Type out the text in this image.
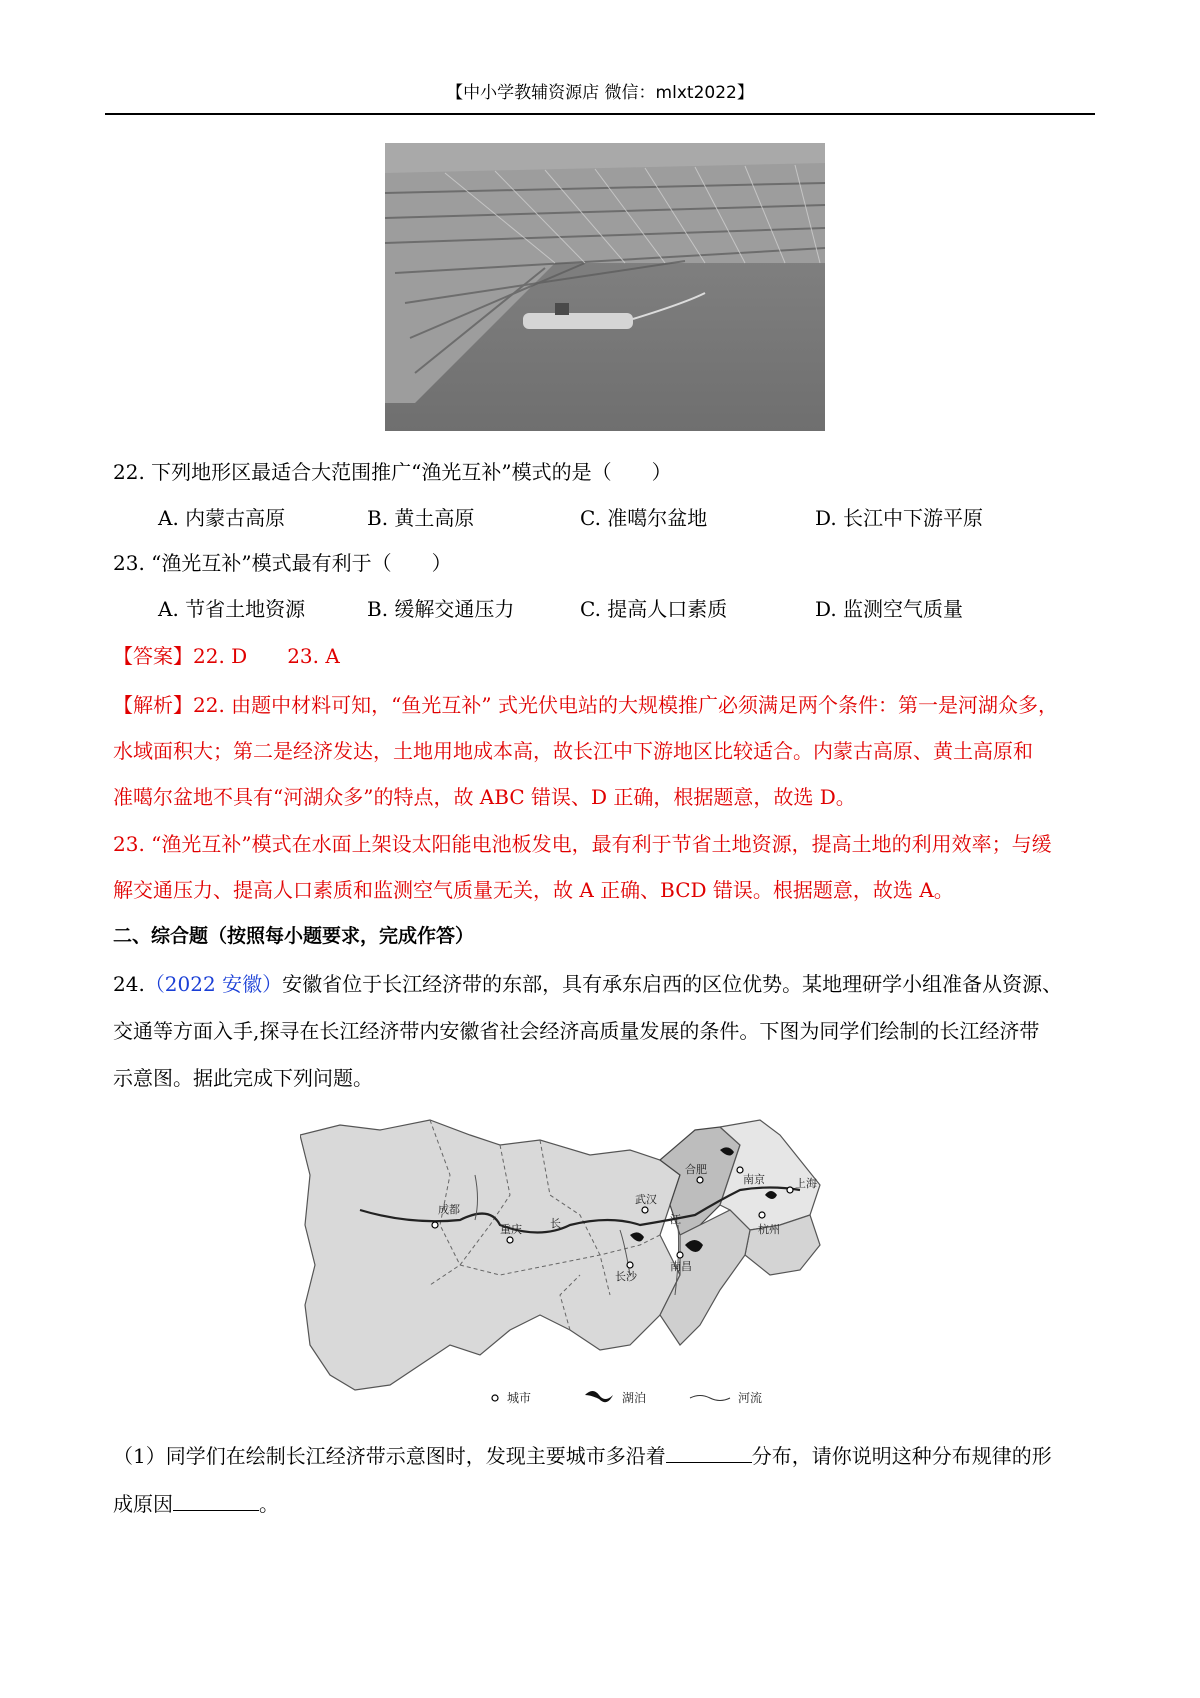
【中小学教辅资源店 微信：mlxt2022】
22. 下列地形区最适合大范围推广“渔光互补”模式的是（　　）
A. 内蒙古高原	B. 黄土高原	C. 准噶尔盆地	D. 长江中下游平原
23. “渔光互补”模式最有利于（　　）
A. 节省土地资源	B. 缓解交通压力	C. 提高人口素质	D. 监测空气质量
【答案】22. D 23. A
【解析】22. 由题中材料可知，“鱼光互补” 式光伏电站的大规模推广必须满足两个条件：第一是河湖众多，
水域面积大；第二是经济发达，土地用地成本高，故长江中下游地区比较适合。内蒙古高原、黄土高原和
准噶尔盆地不具有“河湖众多”的特点，故 ABC 错误、D 正确，根据题意，故选 D。
23. “渔光互补”模式在水面上架设太阳能电池板发电，最有利于节省土地资源，提高土地的利用效率；与缓
解交通压力、提高人口素质和监测空气质量无关，故 A 正确、BCD 错误。根据题意，故选 A。
二、综合题（按照每小题要求，完成作答）
24.（2022 安徽）安徽省位于长江经济带的东部，具有承东启西的区位优势。某地理研学小组准备从资源、
交通等方面入手,探寻在长江经济带内安徽省社会经济高质量发展的条件。下图为同学们绘制的长江经济带
示意图。据此完成下列问题。
成都
重庆
武汉
长沙
南昌
合肥
南京	上海
杭州
长	江
城市	湖泊	河流
（1）同学们在绘制长江经济带示意图时，发现主要城市多沿着	分布，请你说明这种分布规律的形
成原因	。
